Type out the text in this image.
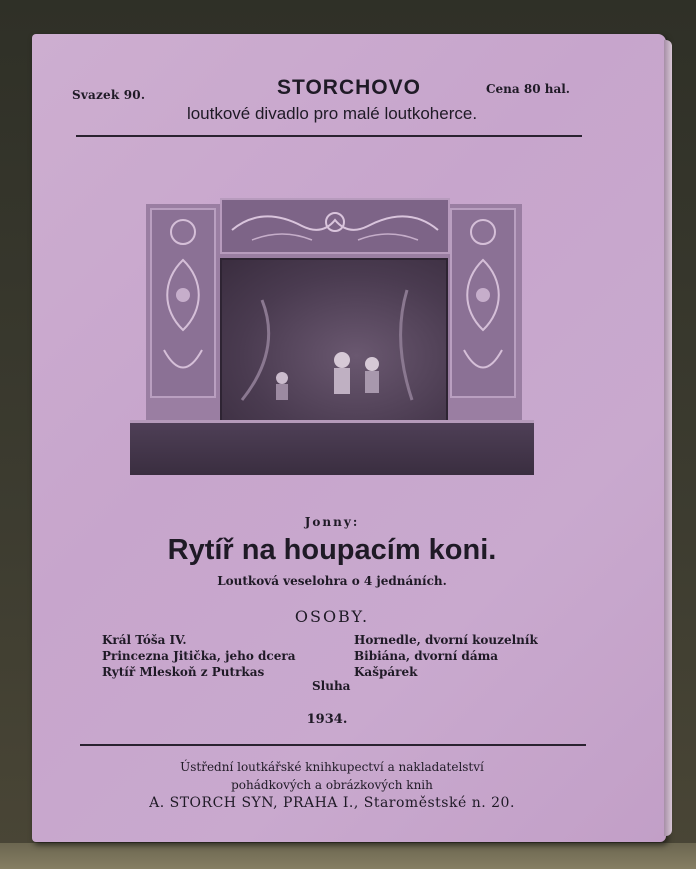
Svazek 90.	Cena 80 hal.
STORCHOVO
loutkové divadlo pro malé loutkoherce.
Jonny:
Rytíř na houpacím koni.
Loutková veselohra o 4 jednáních.
OSOBY.
Král Tóša IV.
Princezna Jitička, jeho dcera
Rytíř Mleskoň z Putrkas
Hornedle, dvorní kouzelník
Bibiána, dvorní dáma
Kašpárek
Sluha
1934.
Ústřední loutkářské knihkupectví a nakladatelství
pohádkových a obrázkových knih
A. STORCH SYN, PRAHA I., Staroměstské n. 20.
